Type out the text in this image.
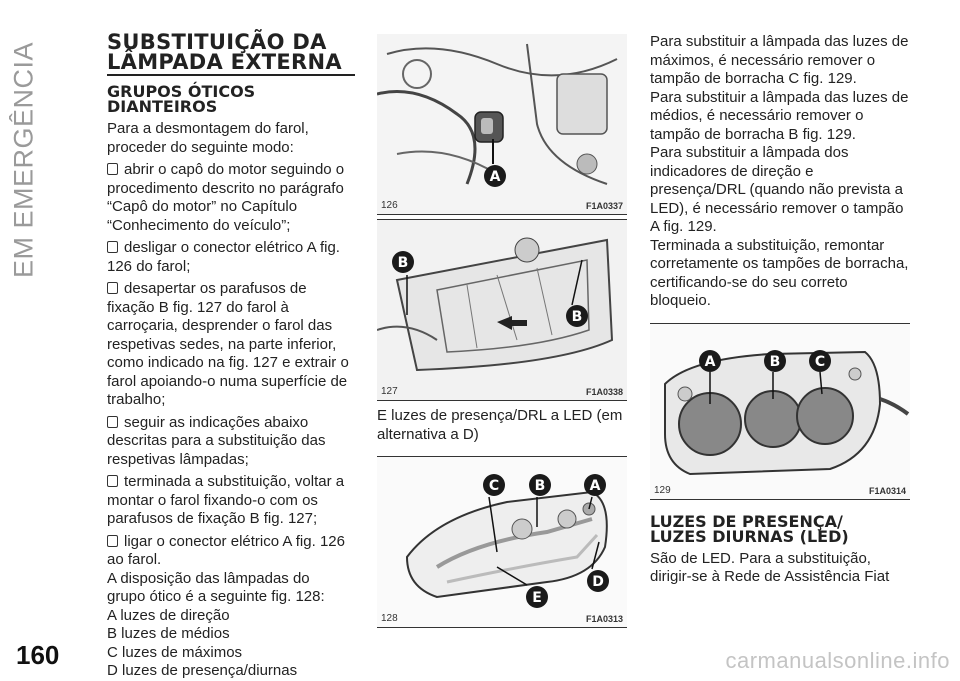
EM EMERGÊNCIA
160
SUBSTITUIÇÃO DA
LÂMPADA EXTERNA
GRUPOS ÓTICOS
DIANTEIROS

Para a desmontagem do farol, proceder do seguinte modo:

abrir o capô do motor seguindo o procedimento descrito no parágrafo “Capô do motor” no Capítulo “Conhecimento do veículo”;

desligar o conector elétrico A fig. 126 do farol;

desapertar os parafusos de fixação B fig. 127 do farol à carroçaria, desprender o farol das respetivas sedes, na parte inferior, como indicado na fig. 127 e extrair o farol apoiando-o numa superfície de trabalho;

seguir as indicações abaixo descritas para a substituição das respetivas lâmpadas;

terminada a substituição, voltar a montar o farol fixando-o com os parafusos de fixação B fig. 127;

ligar o conector elétrico A fig. 126 ao farol.

A disposição das lâmpadas do grupo ótico é a seguinte fig. 128:

A luzes de direção

B luzes de médios

C luzes de máximos

D luzes de presença/diurnas

A
126	F1A0337
B
B
127	F1A0338

E luzes de presença/DRL a LED (em alternativa a D)

C	B	A
D
E
128	F1A0313

Para substituir a lâmpada das luzes de máximos, é necessário remover o tampão de borracha C fig. 129.

Para substituir a lâmpada das luzes de médios, é necessário remover o tampão de borracha B fig. 129.

Para substituir a lâmpada dos indicadores de direção e presença/DRL (quando não prevista a LED), é necessário remover o tampão A fig. 129.

Terminada a substituição, remontar corretamente os tampões de borracha, certificando-se do seu correto bloqueio.

A	B C
129	F1A0314
LUZES DE PRESENÇA/
LUZES DIURNAS (LED)

São de LED. Para a substituição, dirigir-se à Rede de Assistência Fiat

carmanualsonline.info
